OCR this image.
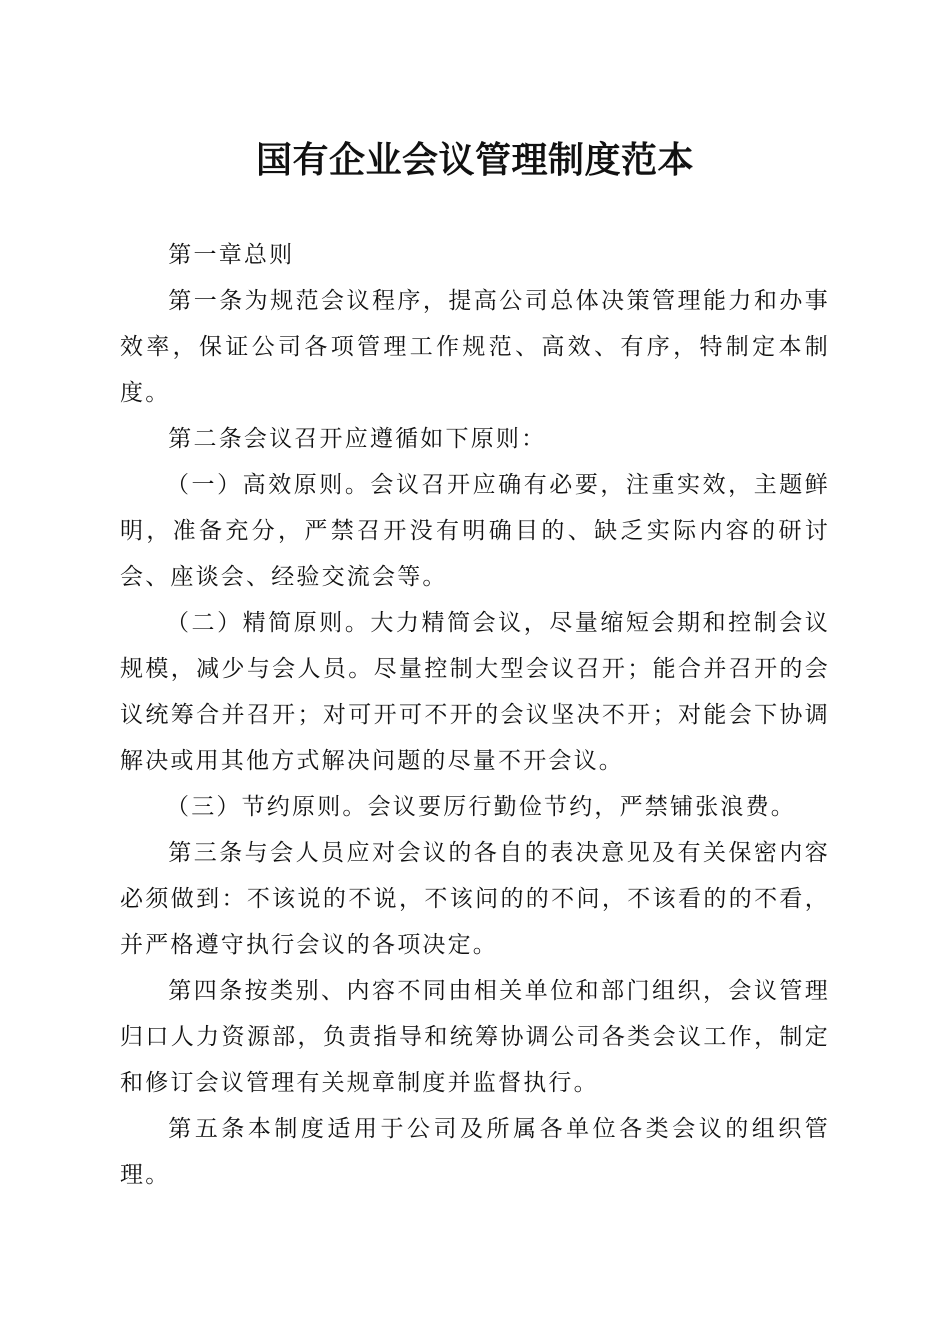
国有企业会议管理制度范本

第一章总则

第一条为规范会议程序，提高公司总体决策管理能力和办事效率，保证公司各项管理工作规范、高效、有序，特制定本制度。

第二条会议召开应遵循如下原则：

（一）高效原则。会议召开应确有必要，注重实效，主题鲜明，准备充分，严禁召开没有明确目的、缺乏实际内容的研讨会、座谈会、经验交流会等。

（二）精简原则。大力精简会议，尽量缩短会期和控制会议规模，减少与会人员。尽量控制大型会议召开；能合并召开的会议统筹合并召开；对可开可不开的会议坚决不开；对能会下协调解决或用其他方式解决问题的尽量不开会议。

（三）节约原则。会议要厉行勤俭节约，严禁铺张浪费。

第三条与会人员应对会议的各自的表决意见及有关保密内容必须做到：不该说的不说，不该问的的不问，不该看的的不看，并严格遵守执行会议的各项决定。

第四条按类别、内容不同由相关单位和部门组织，会议管理归口人力资源部，负责指导和统筹协调公司各类会议工作，制定和修订会议管理有关规章制度并监督执行。

第五条本制度适用于公司及所属各单位各类会议的组织管理。
